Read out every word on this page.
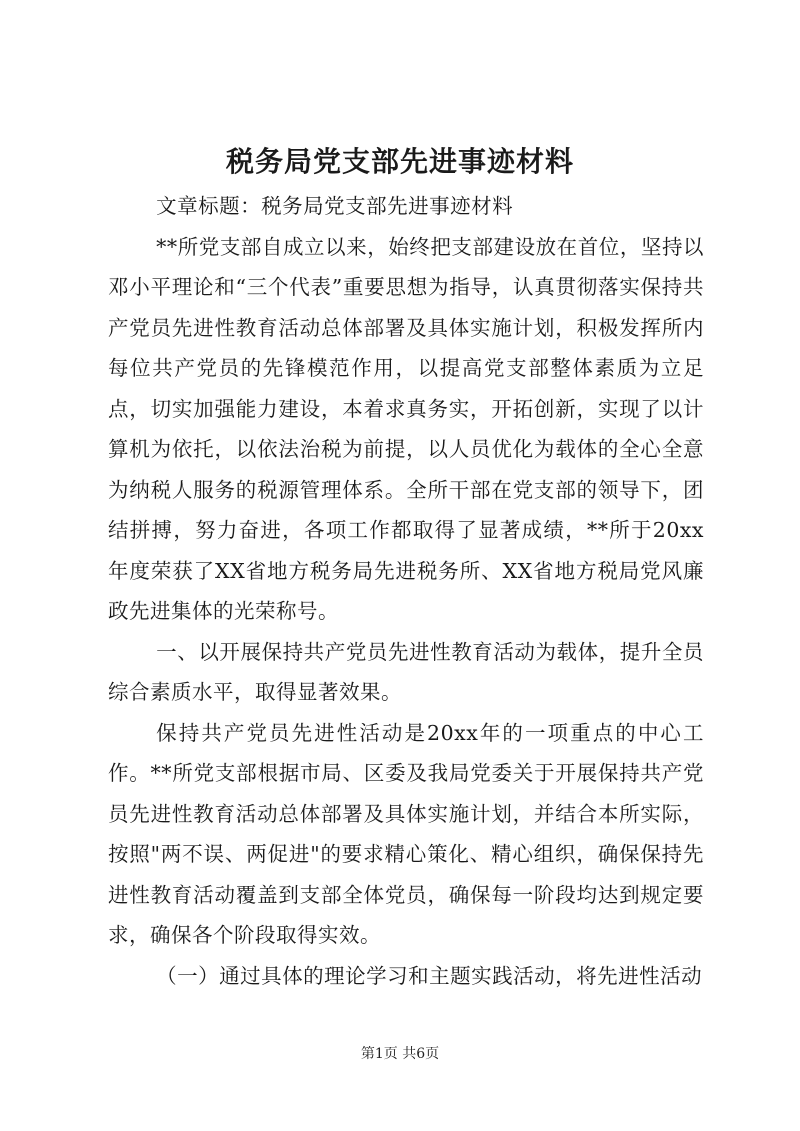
税务局党支部先进事迹材料

文章标题：税务局党支部先进事迹材料

**所党支部自成立以来，始终把支部建设放在首位，坚持以邓小平理论和“三个代表”重要思想为指导，认真贯彻落实保持共产党员先进性教育活动总体部署及具体实施计划，积极发挥所内每位共产党员的先锋模范作用，以提高党支部整体素质为立足点，切实加强能力建设，本着求真务实，开拓创新，实现了以计算机为依托，以依法治税为前提，以人员优化为载体的全心全意为纳税人服务的税源管理体系。全所干部在党支部的领导下，团结拼搏，努力奋进，各项工作都取得了显著成绩，**所于20xx年度荣获了XX省地方税务局先进税务所、XX省地方税局党风廉政先进集体的光荣称号。

一、以开展保持共产党员先进性教育活动为载体，提升全员综合素质水平，取得显著效果。

保持共产党员先进性活动是20xx年的一项重点的中心工作。**所党支部根据市局、区委及我局党委关于开展保持共产党员先进性教育活动总体部署及具体实施计划，并结合本所实际，按照"两不误、两促进"的要求精心策化、精心组织，确保保持先进性教育活动覆盖到支部全体党员，确保每一阶段均达到规定要求，确保各个阶段取得实效。

（一）通过具体的理论学习和主题实践活动，将先进性活动

第1页 共6页
